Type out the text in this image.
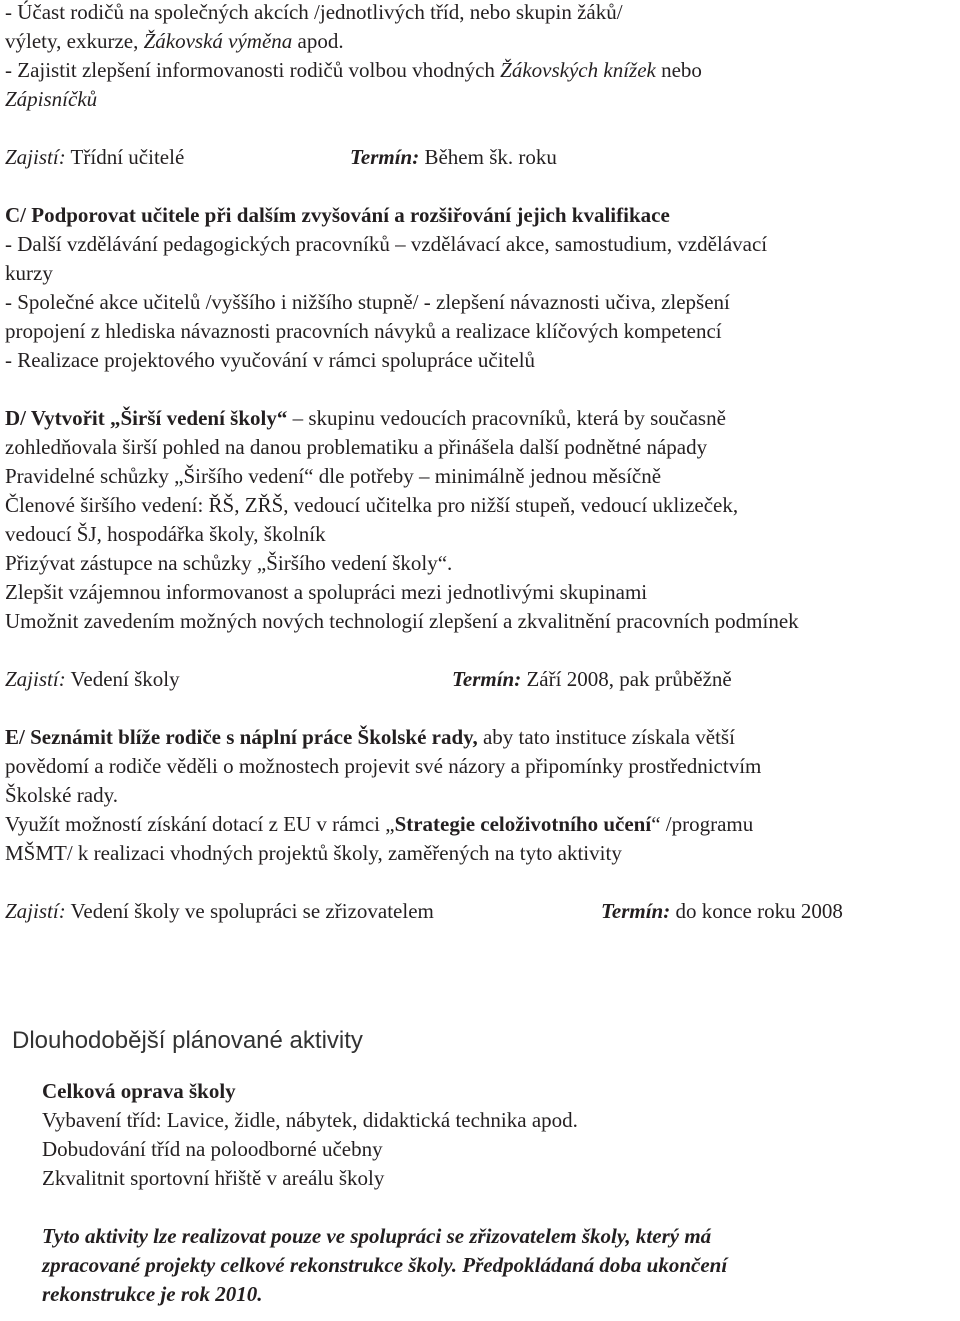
- Účast rodičů na společných akcích /jednotlivých tříd, nebo skupin žáků/
výlety, exkurze, Žákovská výměna apod.
- Zajistit zlepšení informovanosti rodičů volbou vhodných Žákovských knížek nebo
Zápisníčků
Zajistí: Třídní učitelé	Termín: Během šk. roku
C/ Podporovat učitele při dalším zvyšování a rozšiřování jejich kvalifikace
- Další vzdělávání pedagogických pracovníků – vzdělávací akce, samostudium, vzdělávací
kurzy
- Společné akce učitelů /vyššího i nižšího stupně/ - zlepšení návaznosti učiva, zlepšení
propojení z hlediska návaznosti pracovních návyků a realizace klíčových kompetencí
- Realizace projektového vyučování v rámci spolupráce učitelů
D/ Vytvořit „Širší vedení školy“ – skupinu vedoucích pracovníků, která by současně
zohledňovala širší pohled na danou problematiku a přinášela další podnětné nápady
Pravidelné schůzky „Širšího vedení“ dle potřeby – minimálně jednou měsíčně
Členové širšího vedení: ŘŠ, ZŘŠ, vedoucí učitelka pro nižší stupeň, vedoucí uklizeček,
vedoucí ŠJ, hospodářka školy, školník
Přizývat zástupce na schůzky „Širšího vedení školy“.
Zlepšit vzájemnou informovanost a spolupráci mezi jednotlivými skupinami
Umožnit zavedením možných nových technologií zlepšení a zkvalitnění pracovních podmínek
Zajistí: Vedení školy	Termín: Září 2008, pak průběžně
E/ Seznámit blíže rodiče s náplní práce Školské rady, aby tato instituce získala větší
povědomí a rodiče věděli o možnostech projevit své názory a připomínky prostřednictvím
Školské rady.
Využít možností získání dotací z EU v rámci „Strategie celoživotního učení“ /programu
MŠMT/ k realizaci vhodných projektů školy, zaměřených na tyto aktivity
Zajistí: Vedení školy ve spolupráci se zřizovatelem	Termín: do konce roku 2008
Dlouhodobější plánované aktivity
Celková oprava školy
Vybavení tříd: Lavice, židle, nábytek, didaktická technika apod.
Dobudování tříd na poloodborné učebny
Zkvalitnit sportovní hřiště v areálu školy
Tyto aktivity lze realizovat pouze ve spolupráci se zřizovatelem školy, který má
zpracované projekty celkové rekonstrukce školy. Předpokládaná doba ukončení
rekonstrukce je rok 2010.
